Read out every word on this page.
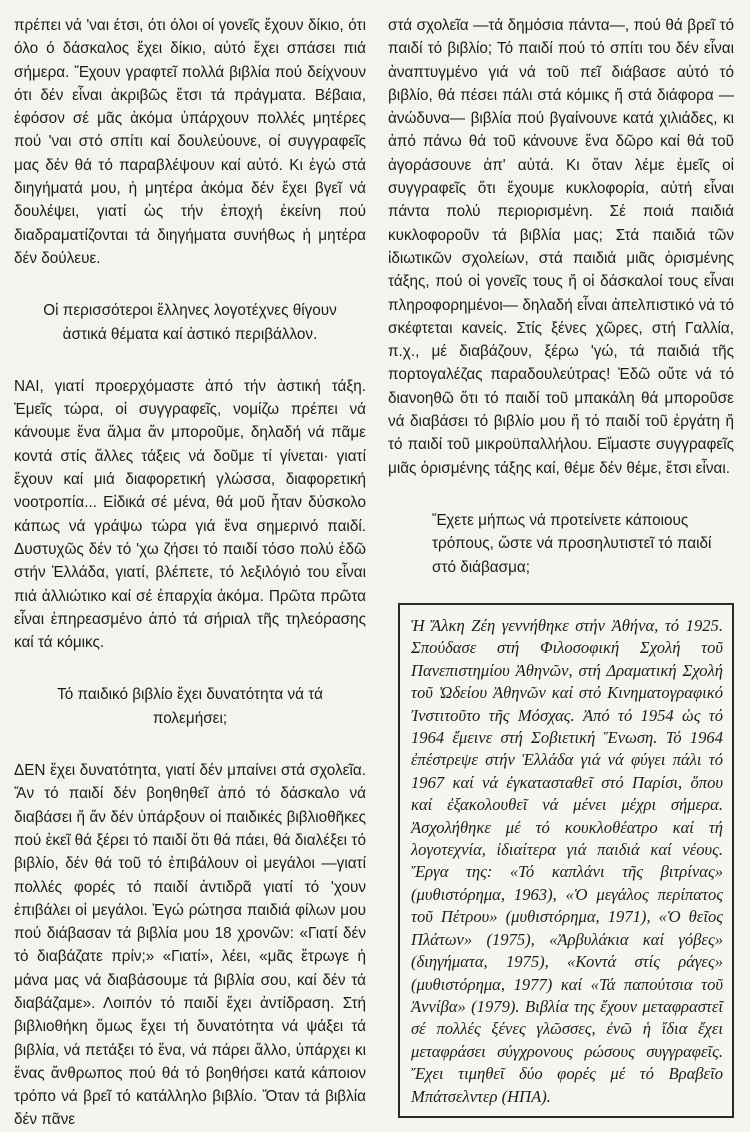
πρέπει νά 'ναι έτσι, ότι όλοι οί γονεῖς ἔχουν δίκιο, ότι όλο ό δάσκαλος ἔχει δίκιο, αὐτό ἔχει σπάσει πιά σήμερα. Ἔχουν γραφτεῖ πολλά βιβλία πού δείχνουν ότι δέν εἶναι ἀκριβῶς ἔτσι τά πράγματα. Βέβαια, ἐφόσον σέ μᾶς ἀκόμα ὑπάρχουν πολλές μητέρες πού 'ναι στό σπίτι καί δουλεύουνε, οί συγγραφεῖς μας δέν θά τό παραβλέψουν καί αὐτό. Κι ἐγώ στά διηγήματά μου, ἡ μητέρα ἀκόμα δέν ἔχει βγεῖ νά δουλέψει, γιατί ὡς τήν ἐποχή ἐκείνη πού διαδραματίζονται τά διηγήματα συνήθως ἡ μητέρα δέν δούλευε.

Οἱ περισσότεροι ἕλληνες λογοτέχνες θίγουν ἀστικά θέματα καί ἀστικό περιβάλλον.

ΝΑΙ, γιατί προερχόμαστε ἀπό τήν ἀστική τάξη. Ἐμεῖς τώρα, οἱ συγγραφεῖς, νομίζω πρέπει νά κάνουμε ἕνα ἅλμα ἄν μποροῦμε, δηλαδή νά πᾶμε κοντά στίς ἄλλες τάξεις νά δοῦμε τί γίνεται· γιατί ἔχουν καί μιά διαφορετική γλώσσα, διαφορετική νοοτροπία... Εἰδικά σέ μένα, θά μοῦ ἦταν δύσκολο κάπως νά γράψω τώρα γιά ἕνα σημερινό παιδί. Δυστυχῶς δέν τό 'χω ζήσει τό παιδί τόσο πολύ ἐδῶ στήν Ἑλλάδα, γιατί, βλέπετε, τό λεξιλόγιό του εἶναι πιά ἀλλιώτικο καί σέ ἐπαρχία ἀκόμα. Πρῶτα πρῶτα εἶναι ἐπηρεασμένο ἀπό τά σήριαλ τῆς τηλεόρασης καί τά κόμικς.

Τό παιδικό βιβλίο ἔχει δυνατότητα νά τά πολεμήσει;

ΔΕΝ ἔχει δυνατότητα, γιατί δέν μπαίνει στά σχολεῖα. Ἄν τό παιδί δέν βοηθηθεῖ ἀπό τό δάσκαλο νά διαβάσει ἤ ἄν δέν ὑπάρξουν οἱ παιδικές βιβλιοθῆκες πού ἐκεῖ θά ξέρει τό παιδί ὅτι θά πάει, θά διαλέξει τό βιβλίο, δέν θά τοῦ τό ἐπιβάλουν οἱ μεγάλοι —γιατί πολλές φορές τό παιδί ἀντιδρᾶ γιατί τό 'χουν ἐπιβάλει οἱ μεγάλοι. Ἐγώ ρώτησα παιδιά φίλων μου πού διάβασαν τά βιβλία μου 18 χρονῶν: «Γιατί δέν τό διαβάζατε πρίν;» «Γιατί», λέει, «μᾶς ἔτρωγε ἡ μάνα μας νά διαβάσουμε τά βιβλία σου, καί δέν τά διαβάζαμε». Λοιπόν τό παιδί ἔχει ἀντίδραση. Στή βιβλιοθήκη ὅμως ἔχει τή δυνατότητα νά ψάξει τά βιβλία, νά πετάξει τό ἕνα, νά πάρει ἄλλο, ὑπάρχει κι ἕνας ἄνθρωπος πού θά τό βοηθήσει κατά κάποιον τρόπο νά βρεῖ τό κατάλληλο βιβλίο. Ὅταν τά βιβλία δέν πᾶνε

στά σχολεῖα —τά δημόσια πάντα—, πού θά βρεῖ τό παιδί τό βιβλίο; Τό παιδί πού τό σπίτι του δέν εἶναι ἀναπτυγμένο γιά νά τοῦ πεῖ διάβασε αὐτό τό βιβλίο, θά πέσει πάλι στά κόμικς ἤ στά διάφορα —ἀνώδυνα— βιβλία πού βγαίνουνε κατά χιλιάδες, κι ἀπό πάνω θά τοῦ κάνουνε ἕνα δῶρο καί θά τοῦ ἀγοράσουνε ἀπ' αὐτά. Κι ὅταν λέμε ἐμεῖς οἱ συγγραφεῖς ὅτι ἔχουμε κυκλοφορία, αὐτή εἶναι πάντα πολύ περιορισμένη. Σέ ποιά παιδιά κυκλοφοροῦν τά βιβλία μας; Στά παιδιά τῶν ἰδιωτικῶν σχολείων, στά παιδιά μιᾶς ὁρισμένης τάξης, πού οἱ γονεῖς τους ἤ οἱ δάσκαλοί τους εἶναι πληροφορημένοι— δηλαδή εἶναι ἀπελπιστικό νά τό σκέφτεται κανείς. Στίς ξένες χῶρες, στή Γαλλία, π.χ., μέ διαβάζουν, ξέρω 'γώ, τά παιδιά τῆς πορτογαλέζας παραδουλεύτρας! Ἐδῶ οὔτε νά τό διανοηθῶ ὅτι τό παιδί τοῦ μπακάλη θά μποροῦσε νά διαβάσει τό βιβλίο μου ἤ τό παιδί τοῦ ἐργάτη ἤ τό παιδί τοῦ μικροϋπαλλήλου. Εἴμαστε συγγραφεῖς μιᾶς ὁρισμένης τάξης καί, θέμε δέν θέμε, ἔτσι εἶναι.

Ἔχετε μήπως νά προτείνετε κάποιους τρόπους, ὥστε νά προσηλυτιστεῖ τό παιδί στό διάβασμα;

Ἡ Ἄλκη Ζέη γεννήθηκε στήν Ἀθήνα, τό 1925. Σπούδασε στή Φιλοσοφική Σχολή τοῦ Πανεπιστημίου Ἀθηνῶν, στή Δραματική Σχολή τοῦ Ὠδείου Ἀθηνῶν καί στό Κινηματογραφικό Ἰνστιτοῦτο τῆς Μόσχας. Ἀπό τό 1954 ὡς τό 1964 ἔμεινε στή Σοβιετική Ἕνωση. Τό 1964 ἐπέστρεψε στήν Ἑλλάδα γιά νά φύγει πάλι τό 1967 καί νά ἐγκατασταθεῖ στό Παρίσι, ὅπου καί ἐξακολουθεῖ νά μένει μέχρι σήμερα. Ἀσχολήθηκε μέ τό κουκλοθέατρο καί τή λογοτεχνία, ἰδιαίτερα γιά παιδιά καί νέους. Ἔργα της: «Τό καπλάνι τῆς βιτρίνας» (μυθιστόρημα, 1963), «Ὁ μεγάλος περίπατος τοῦ Πέτρου» (μυθιστόρημα, 1971), «Ὁ θεῖος Πλάτων» (1975), «Ἀρβυλάκια καί γόβες» (διηγήματα, 1975), «Κοντά στίς ράγες» (μυθιστόρημα, 1977) καί «Τά παπούτσια τοῦ Ἀννίβα» (1979). Βιβλία της ἔχουν μεταφραστεῖ σέ πολλές ξένες γλῶσσες, ἐνῶ ἡ ἴδια ἔχει μεταφράσει σύγχρονους ρώσους συγγραφεῖς. Ἔχει τιμηθεῖ δύο φορές μέ τό Βραβεῖο Μπάτσελντερ (ΗΠΑ).
